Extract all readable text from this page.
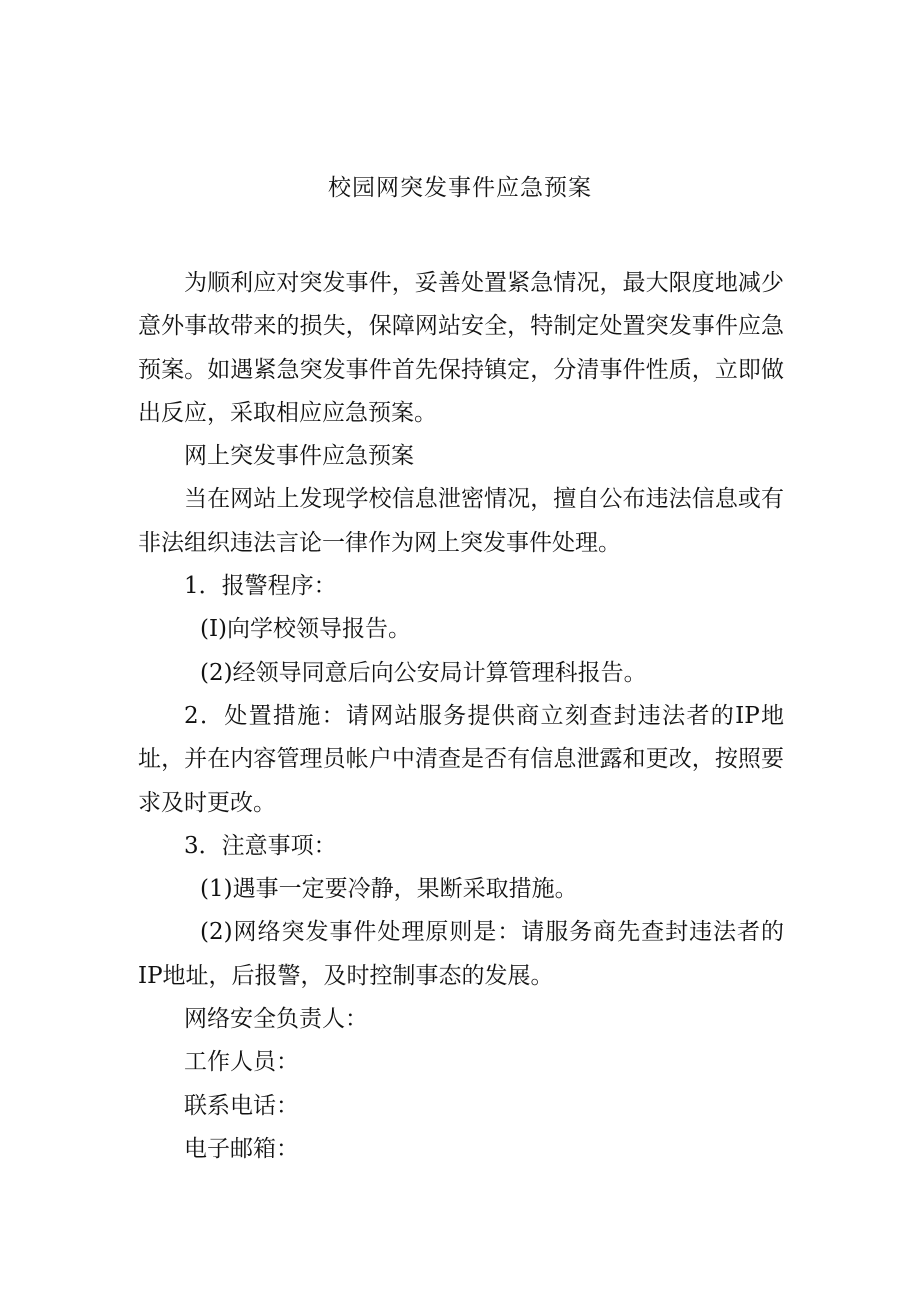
校园网突发事件应急预案

为顺利应对突发事件，妥善处置紧急情况，最大限度地减少意外事故带来的损失，保障网站安全，特制定处置突发事件应急预案。如遇紧急突发事件首先保持镇定，分清事件性质，立即做出反应，采取相应应急预案。

网上突发事件应急预案

当在网站上发现学校信息泄密情况，擅自公布违法信息或有非法组织违法言论一律作为网上突发事件处理。

1．报警程序：

(I)向学校领导报告。

(2)经领导同意后向公安局计算管理科报告。

2．处置措施：请网站服务提供商立刻查封违法者的IP地址，并在内容管理员帐户中清查是否有信息泄露和更改，按照要求及时更改。

3．注意事项：

(1)遇事一定要冷静，果断采取措施。

(2)网络突发事件处理原则是：请服务商先查封违法者的IP地址，后报警，及时控制事态的发展。

网络安全负责人：

工作人员：

联系电话：

电子邮箱：
